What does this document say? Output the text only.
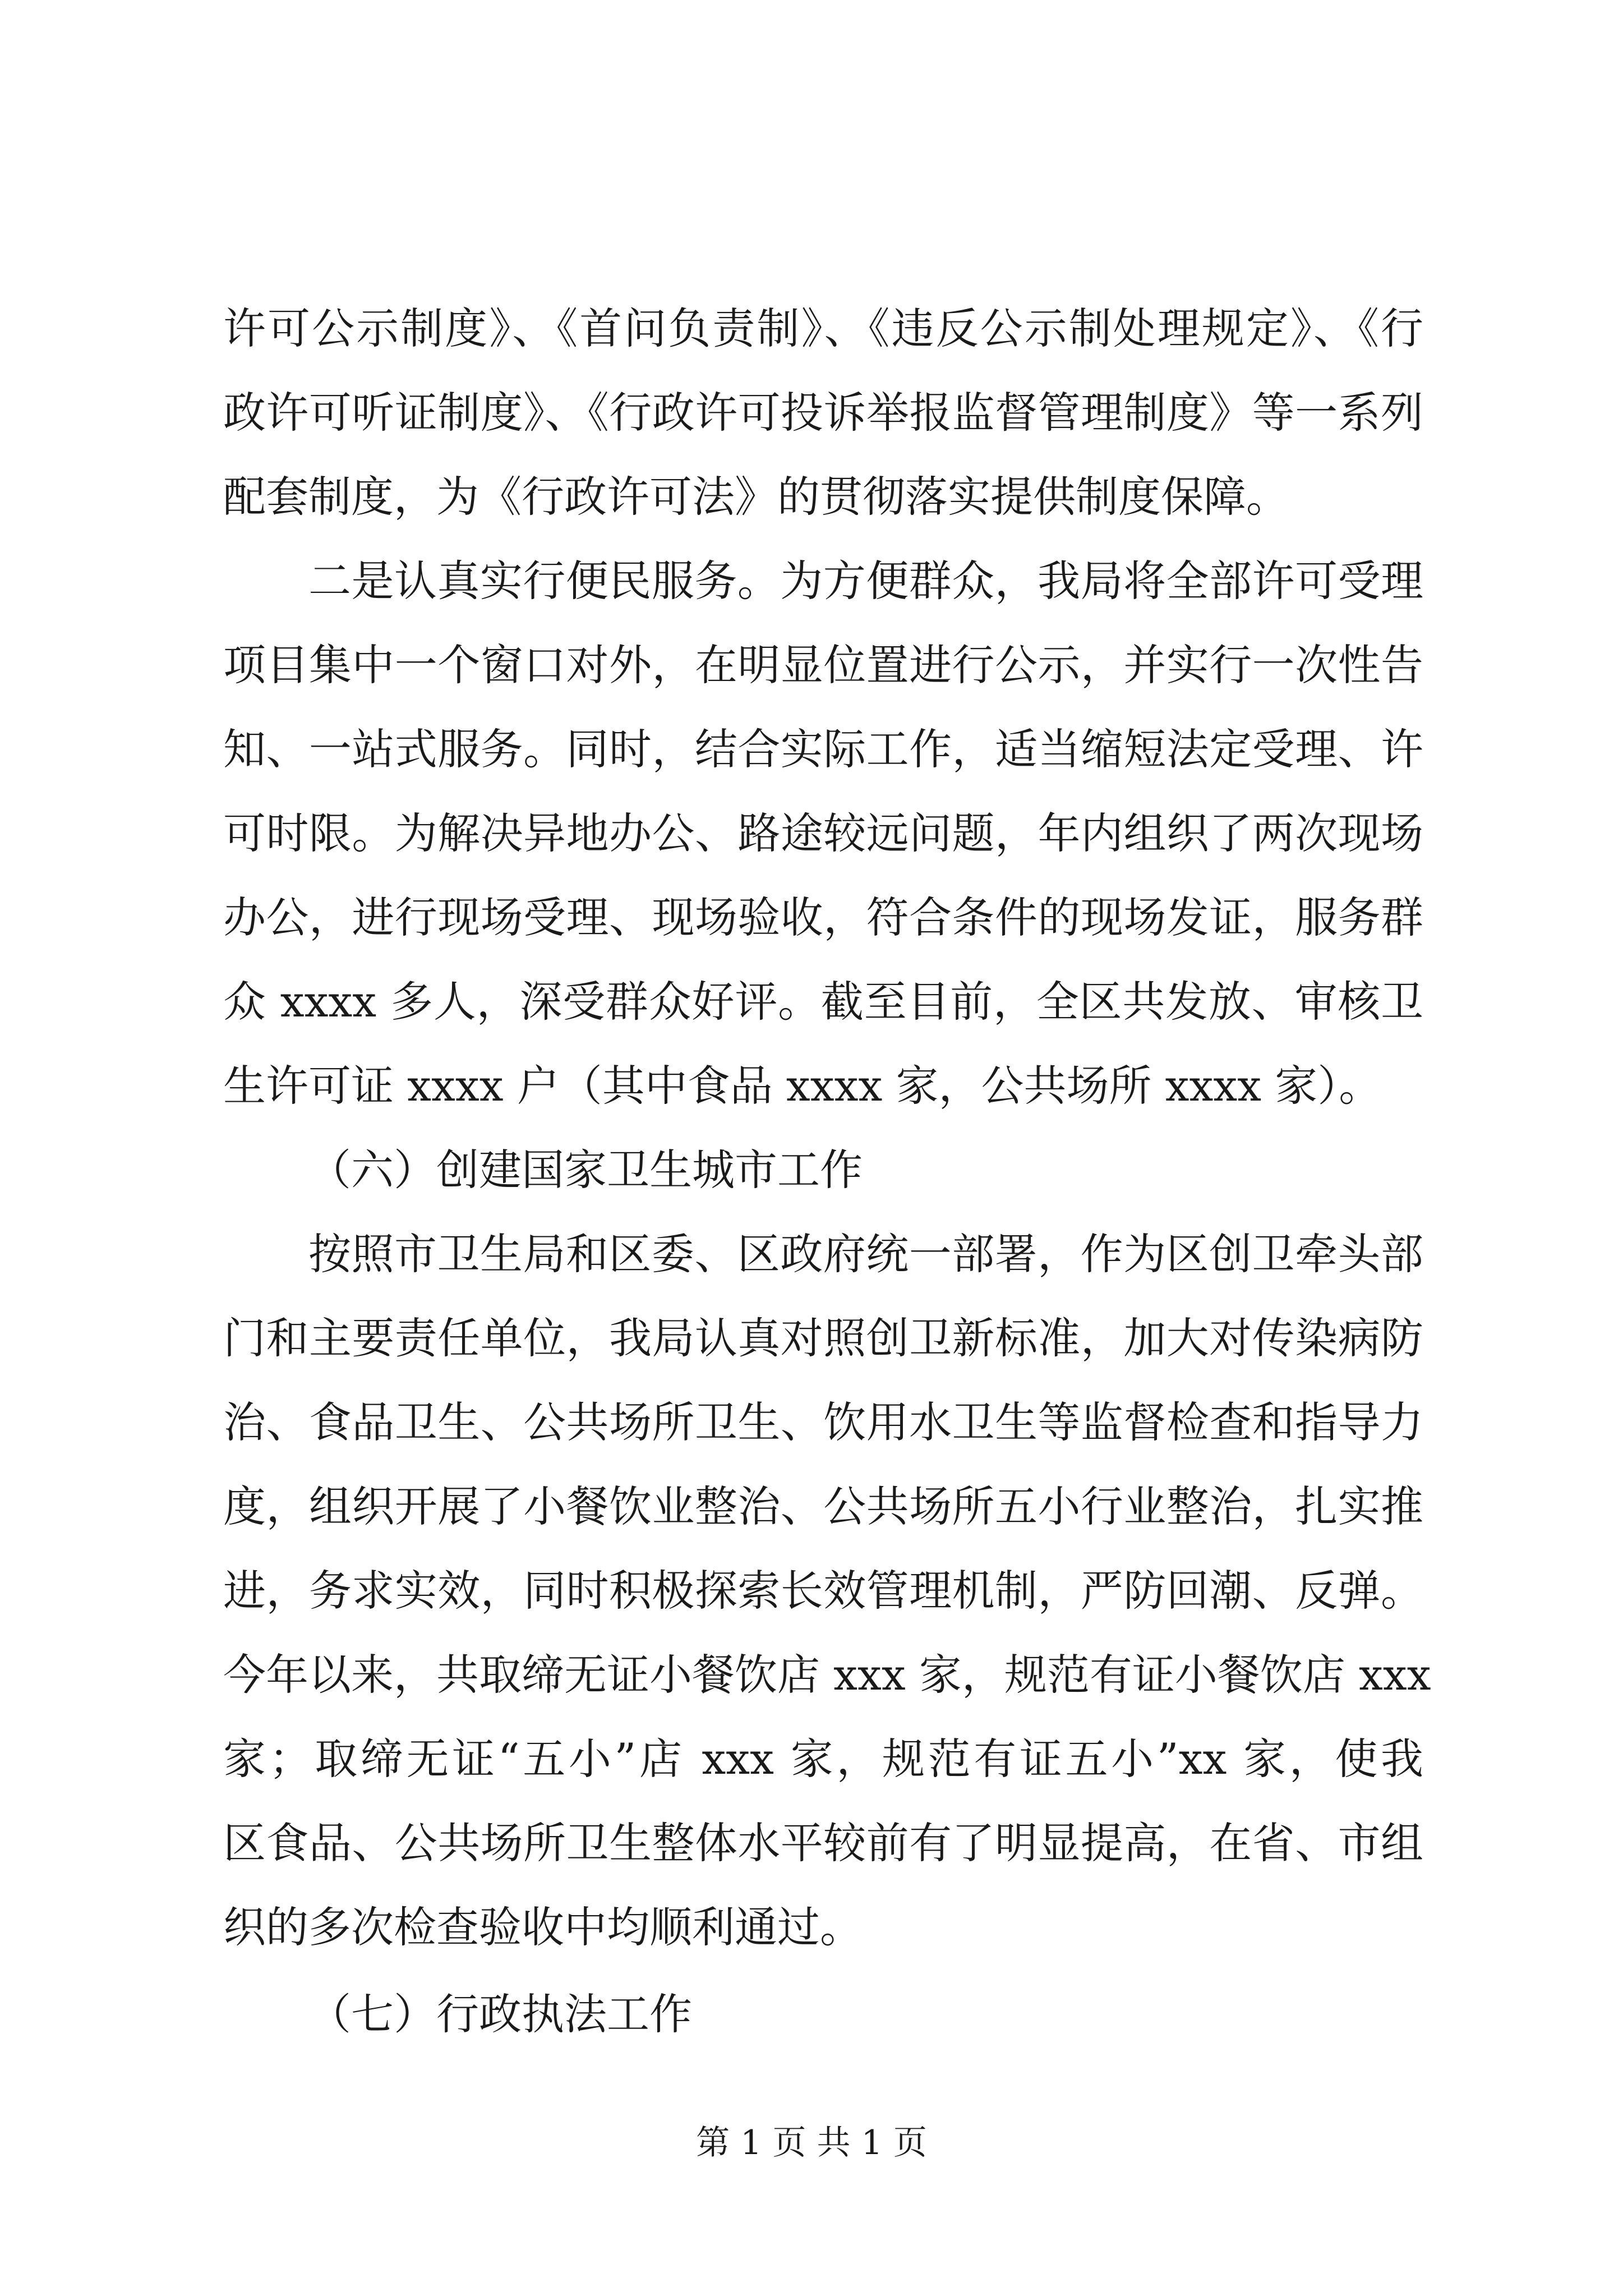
许可公示制度》、《首问负责制》、《违反公示制处理规定》、《行
政许可听证制度》、《行政许可投诉举报监督管理制度》等一系列
配套制度，为《行政许可法》的贯彻落实提供制度保障。
二是认真实行便民服务。为方便群众，我局将全部许可受理
项目集中一个窗口对外，在明显位置进行公示，并实行一次性告
知、一站式服务。同时，结合实际工作，适当缩短法定受理、许
可时限。为解决异地办公、路途较远问题，年内组织了两次现场
办公，进行现场受理、现场验收，符合条件的现场发证，服务群
众 xxxx 多人，深受群众好评。截至目前，全区共发放、审核卫
生许可证 xxxx 户（其中食品 xxxx 家，公共场所 xxxx 家）。
（六）创建国家卫生城市工作
按照市卫生局和区委、区政府统一部署，作为区创卫牵头部
门和主要责任单位，我局认真对照创卫新标准，加大对传染病防
治、食品卫生、公共场所卫生、饮用水卫生等监督检查和指导力
度，组织开展了小餐饮业整治、公共场所五小行业整治，扎实推
进，务求实效，同时积极探索长效管理机制，严防回潮、反弹。
今年以来，共取缔无证小餐饮店 xxx 家，规范有证小餐饮店 xxx
家；取缔无证“五小”店 xxx 家，规范有证五小”xx 家，使我
区食品、公共场所卫生整体水平较前有了明显提高，在省、市组
织的多次检查验收中均顺利通过。
（七）行政执法工作
第 1 页 共 1 页
